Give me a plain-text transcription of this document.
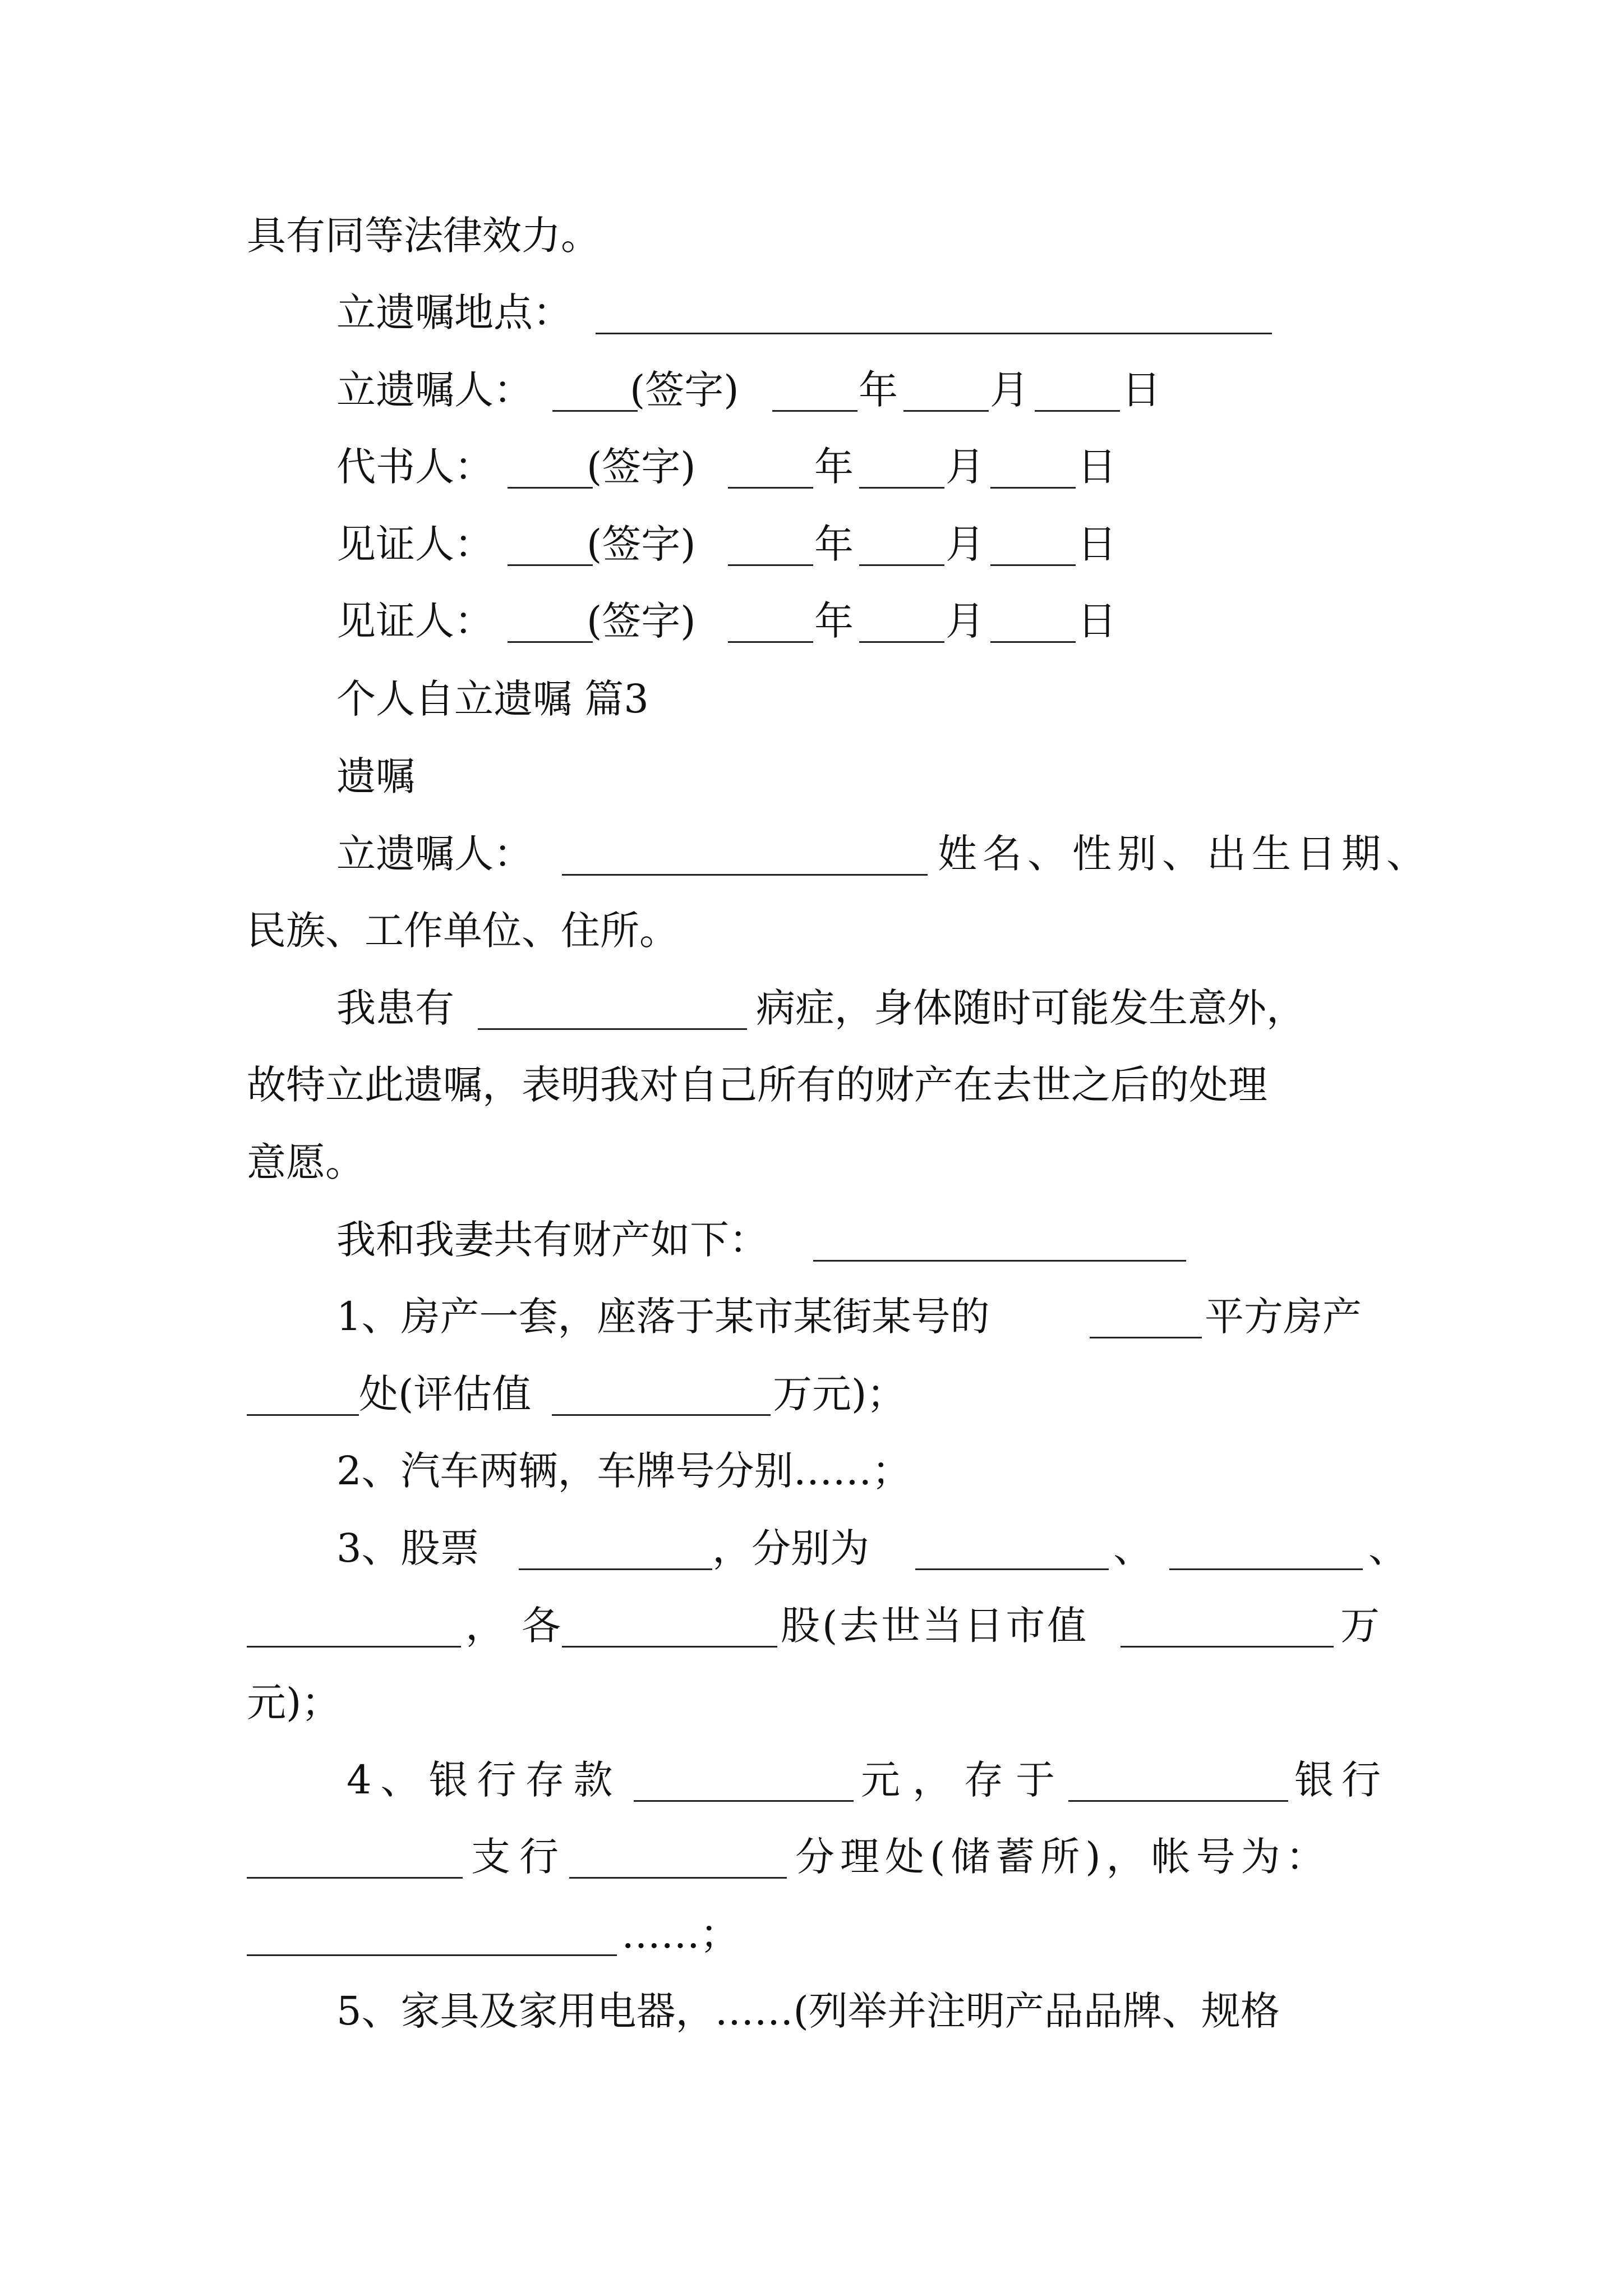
具有同等法律效力。
立遗嘱地点：
立遗嘱人： (签字)	年 月 日
代书人： (签字)	年 月 日
见证人： (签字)	年 月 日
见证人： (签字)	年 月 日
个人自立遗嘱 篇3
遗嘱
立遗嘱人：	姓名、性别、出生日期、
民族、工作单位、住所。
我患有	病症，身体随时可能发生意外，
故特立此遗嘱，表明我对自己所有的财产在去世之后的处理
意愿。
我和我妻共有财产如下：
1、房产一套，座落于某市某街某号的	平方房产
处(评估值	万元)；
2、汽车两辆，车牌号分别……；
3、股票	，分别为	、	、
，各	股(去世当日市值	万
元)；
4、银行存款	元，存于	银行
支行	分理处(储蓄所)，帐号为：
……；
5、家具及家用电器，……(列举并注明产品品牌、规格
